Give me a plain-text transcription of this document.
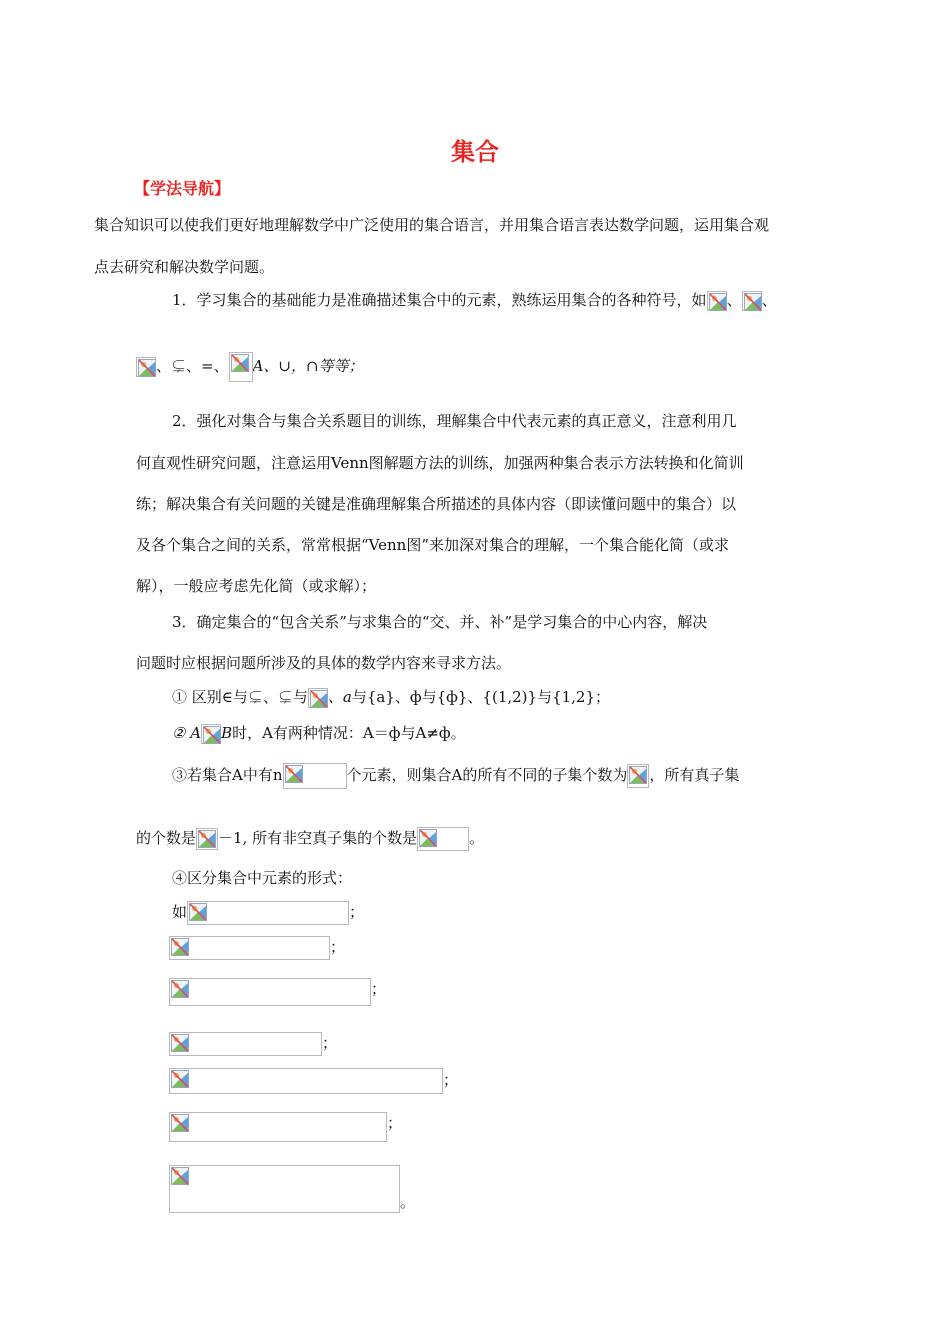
集合
【学法导航】
集合知识可以使我们更好地理解数学中广泛使用的集合语言，并用集合语言表达数学问题，运用集合观
点去研究和解决数学问题。
1．学习集合的基础能力是准确描述集合中的元素，熟练运用集合的各种符号，如 、 、
、⊊、=、 A、∪，∩等等；
2．强化对集合与集合关系题目的训练，理解集合中代表元素的真正意义，注意利用几
何直观性研究问题，注意运用Venn图解题方法的训练，加强两种集合表示方法转换和化简训
练；解决集合有关问题的关键是准确理解集合所描述的具体内容（即读懂问题中的集合）以
及各个集合之间的关系，常常根据“Venn图”来加深对集合的理解，一个集合能化简（或求
解），一般应考虑先化简（或求解）；
3．确定集合的“包含关系”与求集合的“交、并、补”是学习集合的中心内容，解决
问题时应根据问题所涉及的具体的数学内容来寻求方法。
① 区别∈与⊊、⊊与 、a与{a}、ф与{ф}、{(1,2)}与{1,2}；
② A B时，A有两种情况：A＝ф与A≠ф。
③若集合A中有n	个元素，则集合A的所有不同的子集个数为 ，所有真子集
的个数是 －1, 所有非空真子集的个数是	。
④区分集合中元素的形式：
如	；
；
；
；
；
；
。
